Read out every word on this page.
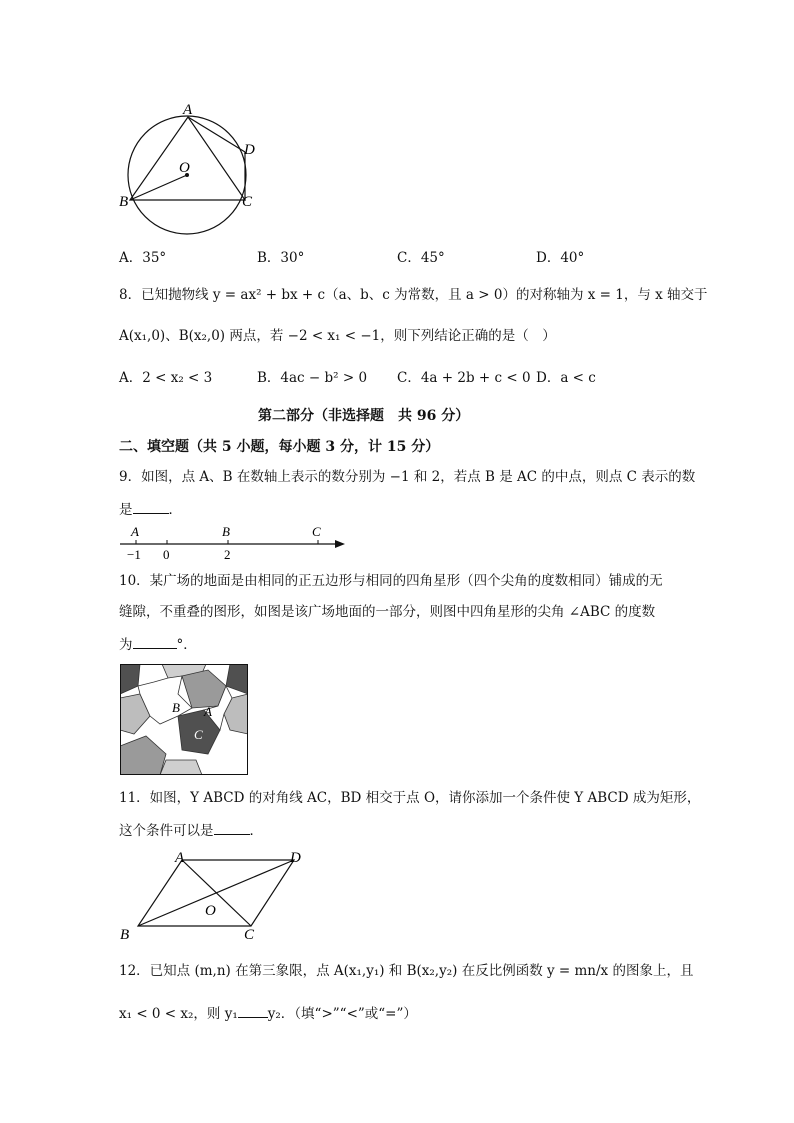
A
O
D
B	C
A．35°	B．30°	C．45°	D．40°
8．已知抛物线 y = ax² + bx + c（a、b、c 为常数，且 a > 0）的对称轴为 x = 1，与 x 轴交于
A(x₁,0)、B(x₂,0) 两点，若 −2 < x₁ < −1，则下列结论正确的是（　）
A．2 < x₂ < 3	B．4ac − b² > 0 C．4a + 2b + c < 0 D．a < c
第二部分（非选择题　共 96 分）
二、填空题（共 5 小题，每小题 3 分，计 15 分）
9．如图，点 A、B 在数轴上表示的数分别为 −1 和 2，若点 B 是 AC 的中点，则点 C 表示的数
是	．
A	B	C
−1 0	2
10．某广场的地面是由相同的正五边形与相同的四角星形（四个尖角的度数相同）铺成的无
缝隙，不重叠的图形，如图是该广场地面的一部分，则图中四角星形的尖角 ∠ABC 的度数
为	°．
B A
C
11．如图，Y ABCD 的对角线 AC，BD 相交于点 O，请你添加一个条件使 Y ABCD 成为矩形，
这个条件可以是	．
A	D
O
B	C
12．已知点 (m,n) 在第三象限，点 A(x₁,y₁) 和 B(x₂,y₂) 在反比例函数 y = mn/x 的图象上，且
x₁ < 0 < x₂，则 y₁ y₂．（填“>”“<”或“=”）
